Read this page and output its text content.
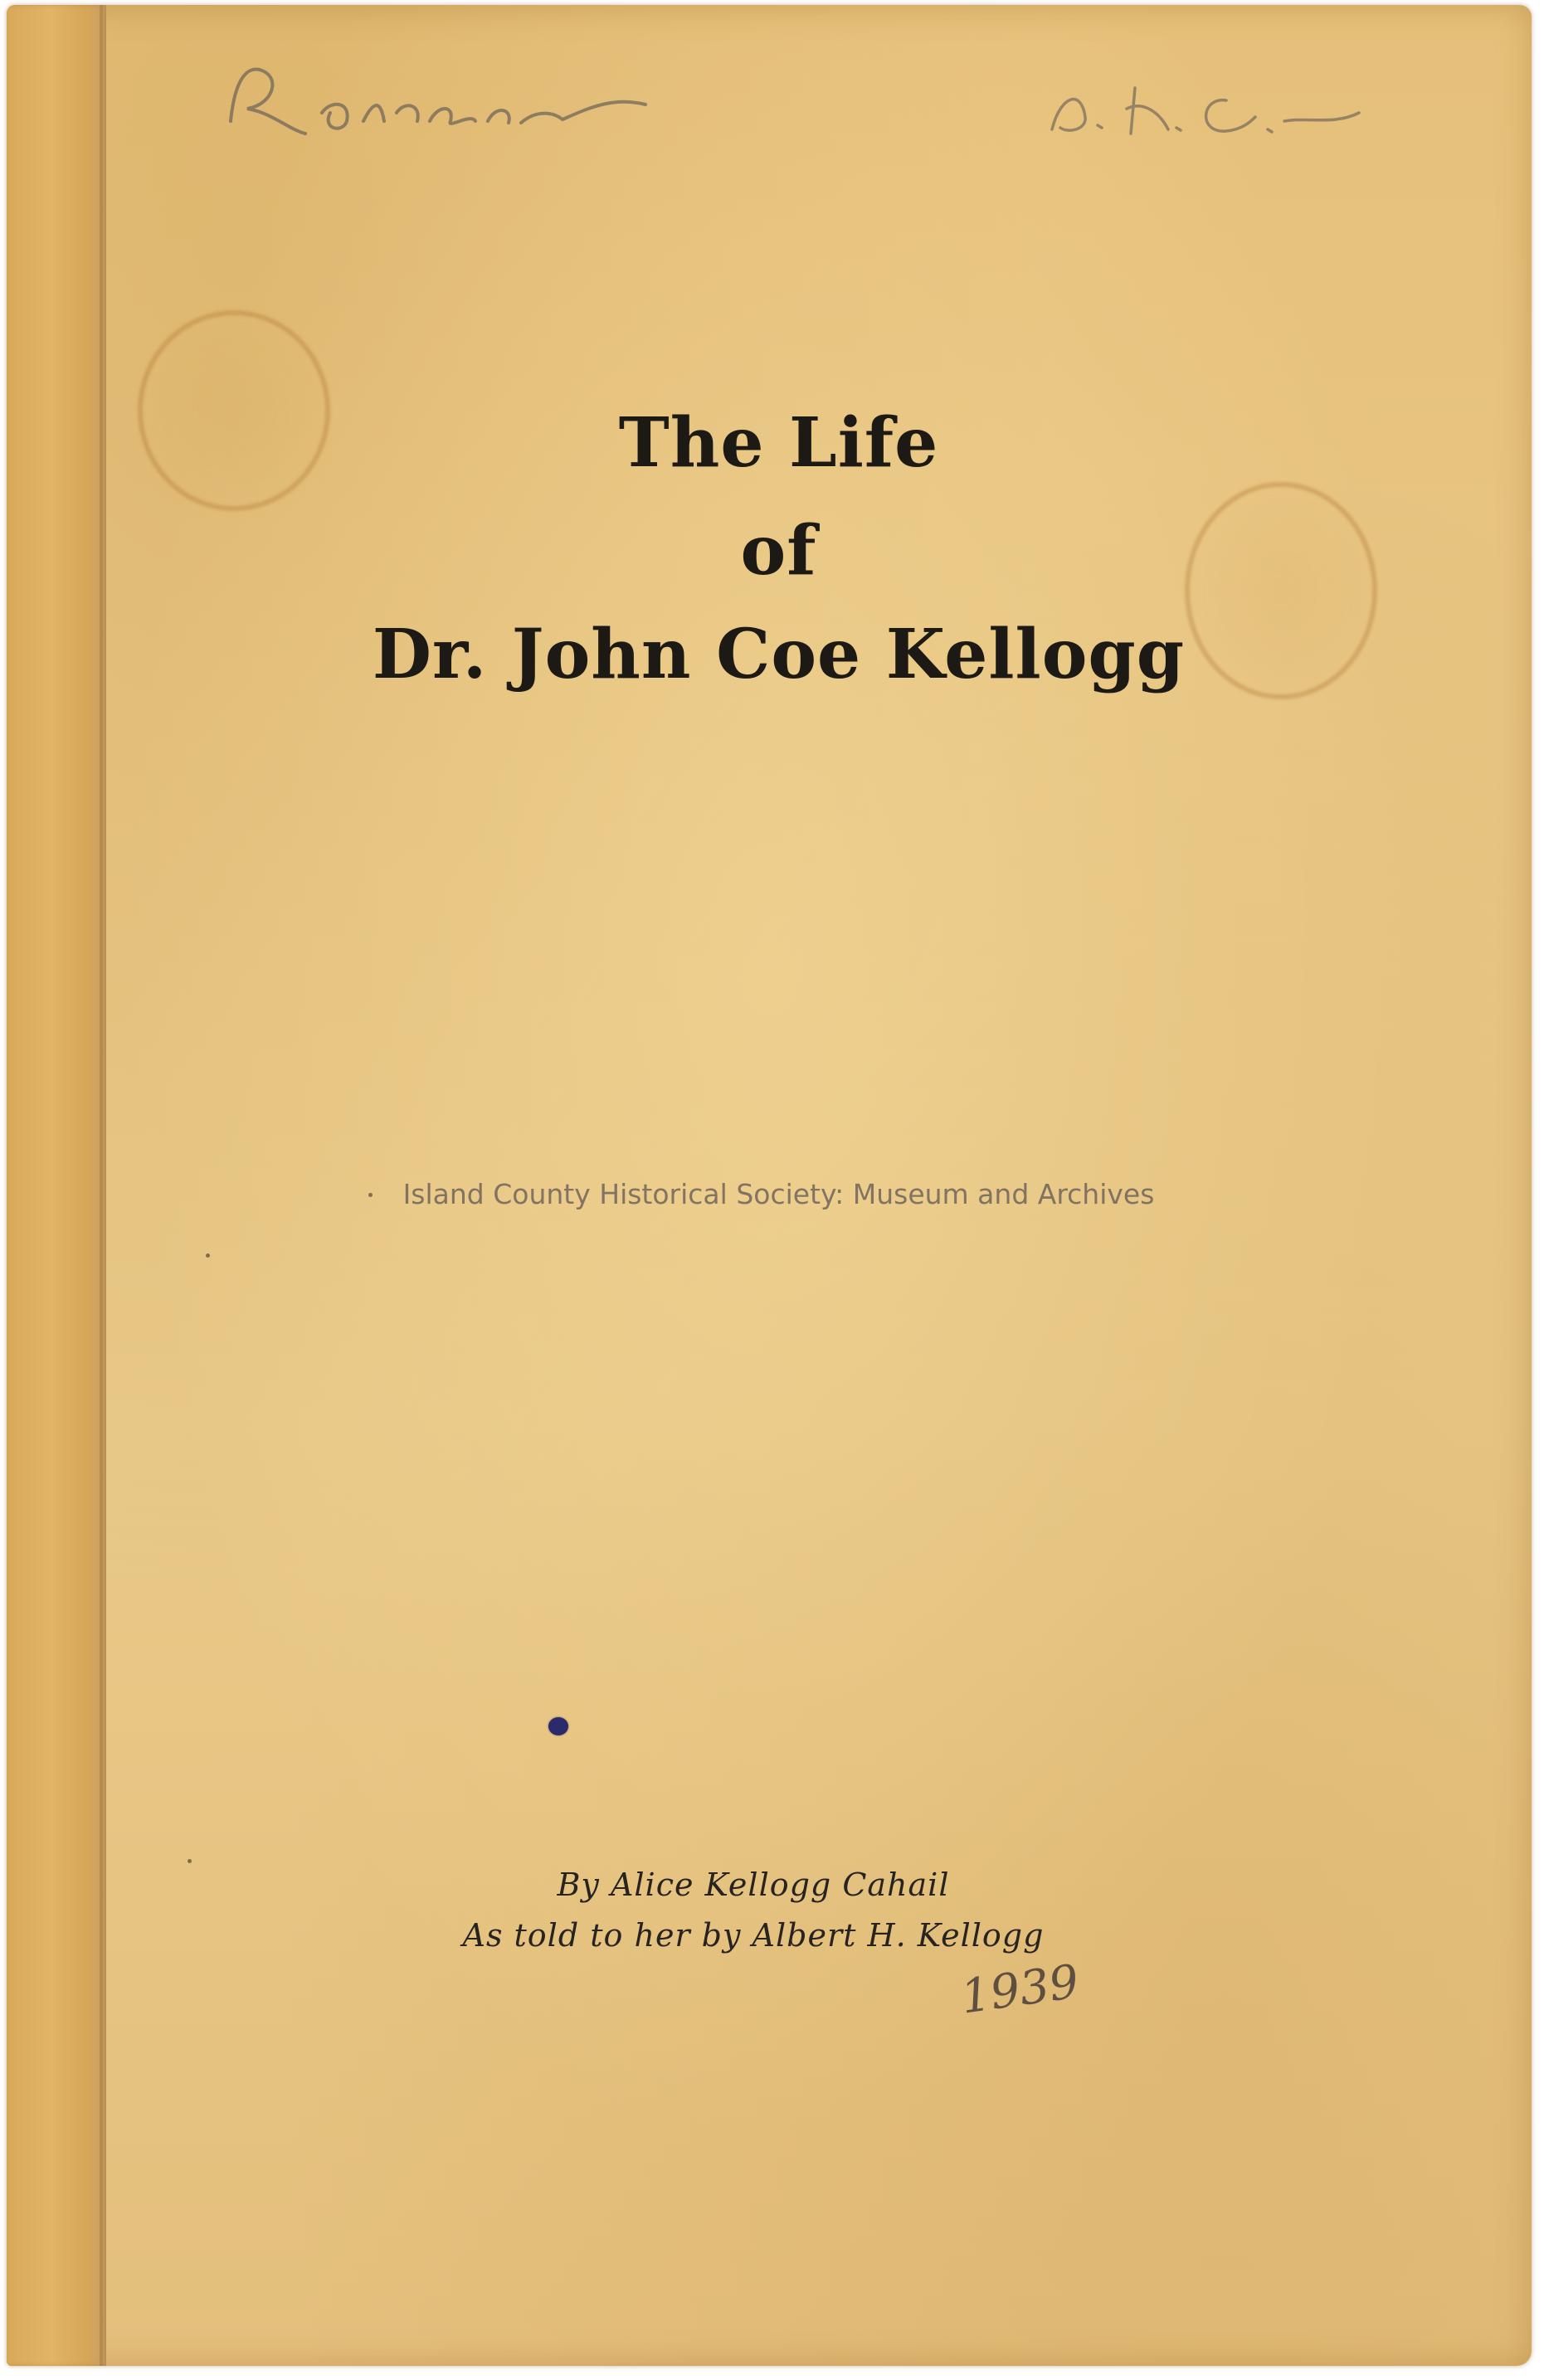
Return	A. K. C.
The Life
of
Dr. John Coe Kellogg
Island County Historical Society: Museum and Archives
By Alice Kellogg Cahail
As told to her by Albert H. Kellogg
1939
